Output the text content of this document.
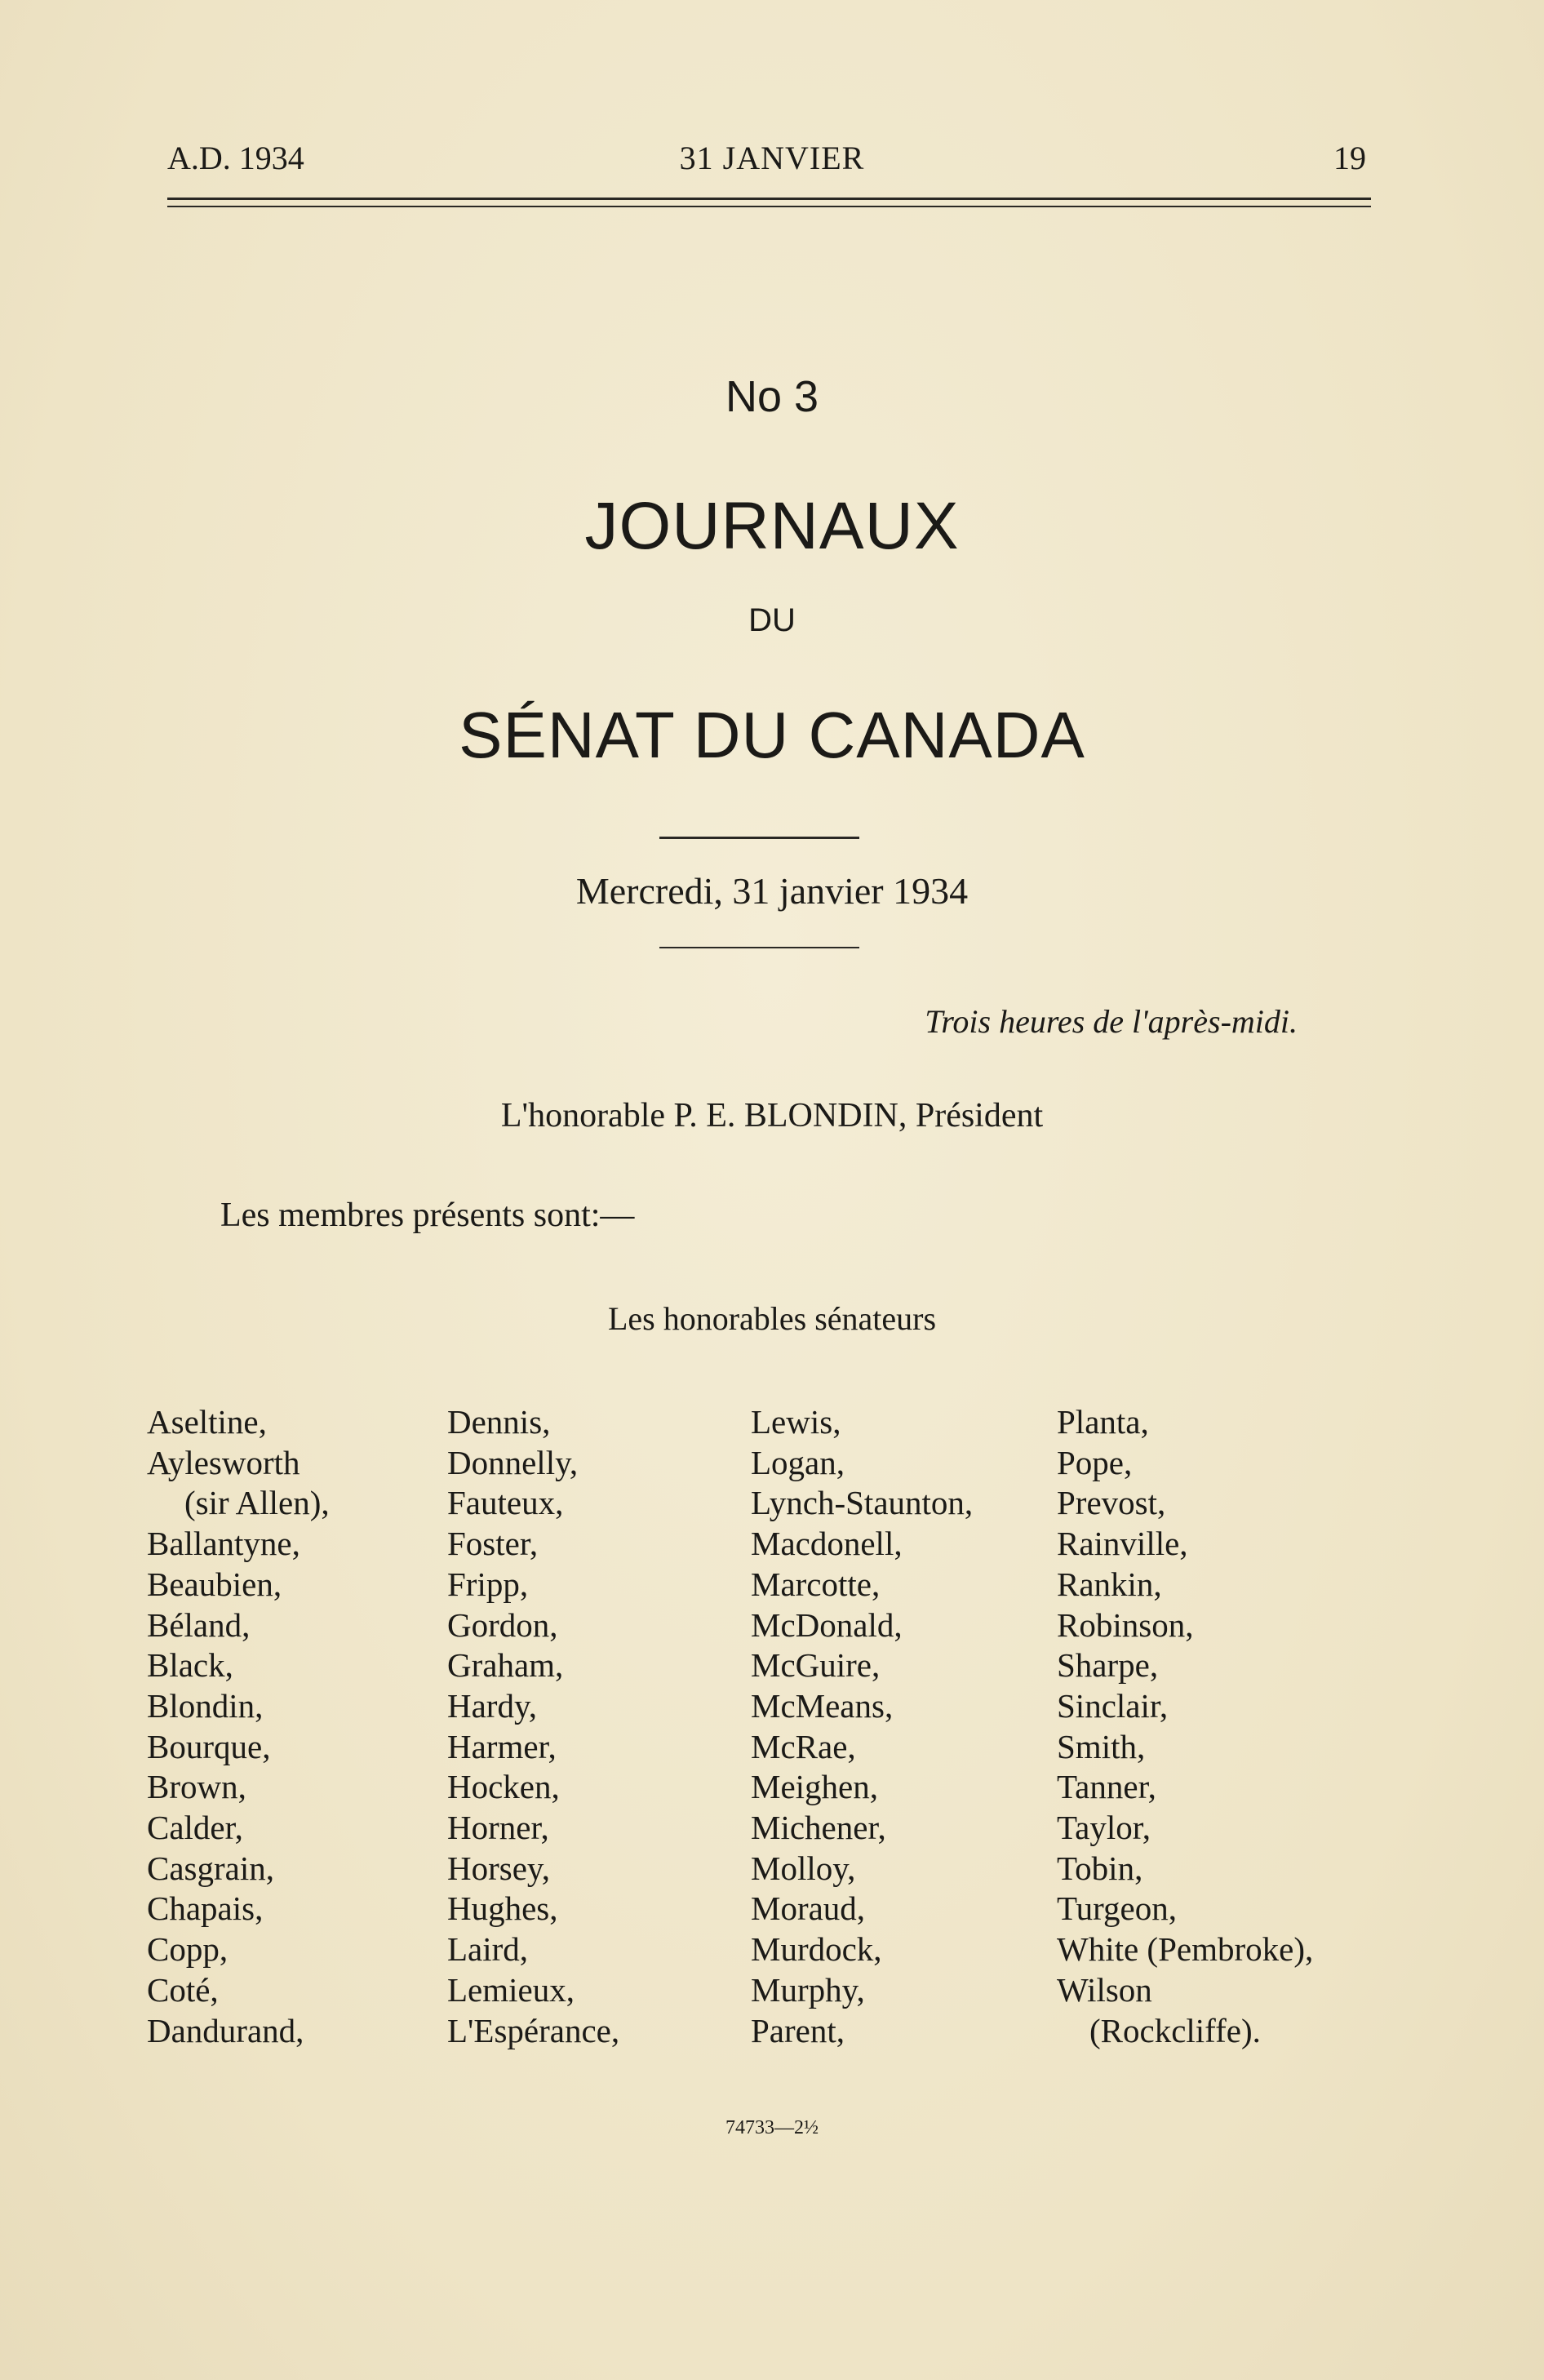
A.D. 1934	31 JANVIER	19
No 3
JOURNAUX
DU
SÉNAT DU CANADA
Mercredi, 31 janvier 1934
Trois heures de l'après-midi.
L'honorable P. E. BLONDIN, Président
Les membres présents sont:—
Les honorables sénateurs
Aseltine,
Aylesworth
(sir Allen),
Ballantyne,
Beaubien,
Béland,
Black,
Blondin,
Bourque,
Brown,
Calder,
Casgrain,
Chapais,
Copp,
Coté,
Dandurand,
Dennis,
Donnelly,
Fauteux,
Foster,
Fripp,
Gordon,
Graham,
Hardy,
Harmer,
Hocken,
Horner,
Horsey,
Hughes,
Laird,
Lemieux,
L'Espérance,
Lewis,
Logan,
Lynch-Staunton,
Macdonell,
Marcotte,
McDonald,
McGuire,
McMeans,
McRae,
Meighen,
Michener,
Molloy,
Moraud,
Murdock,
Murphy,
Parent,
Planta,
Pope,
Prevost,
Rainville,
Rankin,
Robinson,
Sharpe,
Sinclair,
Smith,
Tanner,
Taylor,
Tobin,
Turgeon,
White (Pembroke),
Wilson
(Rockcliffe).
74733—2½
